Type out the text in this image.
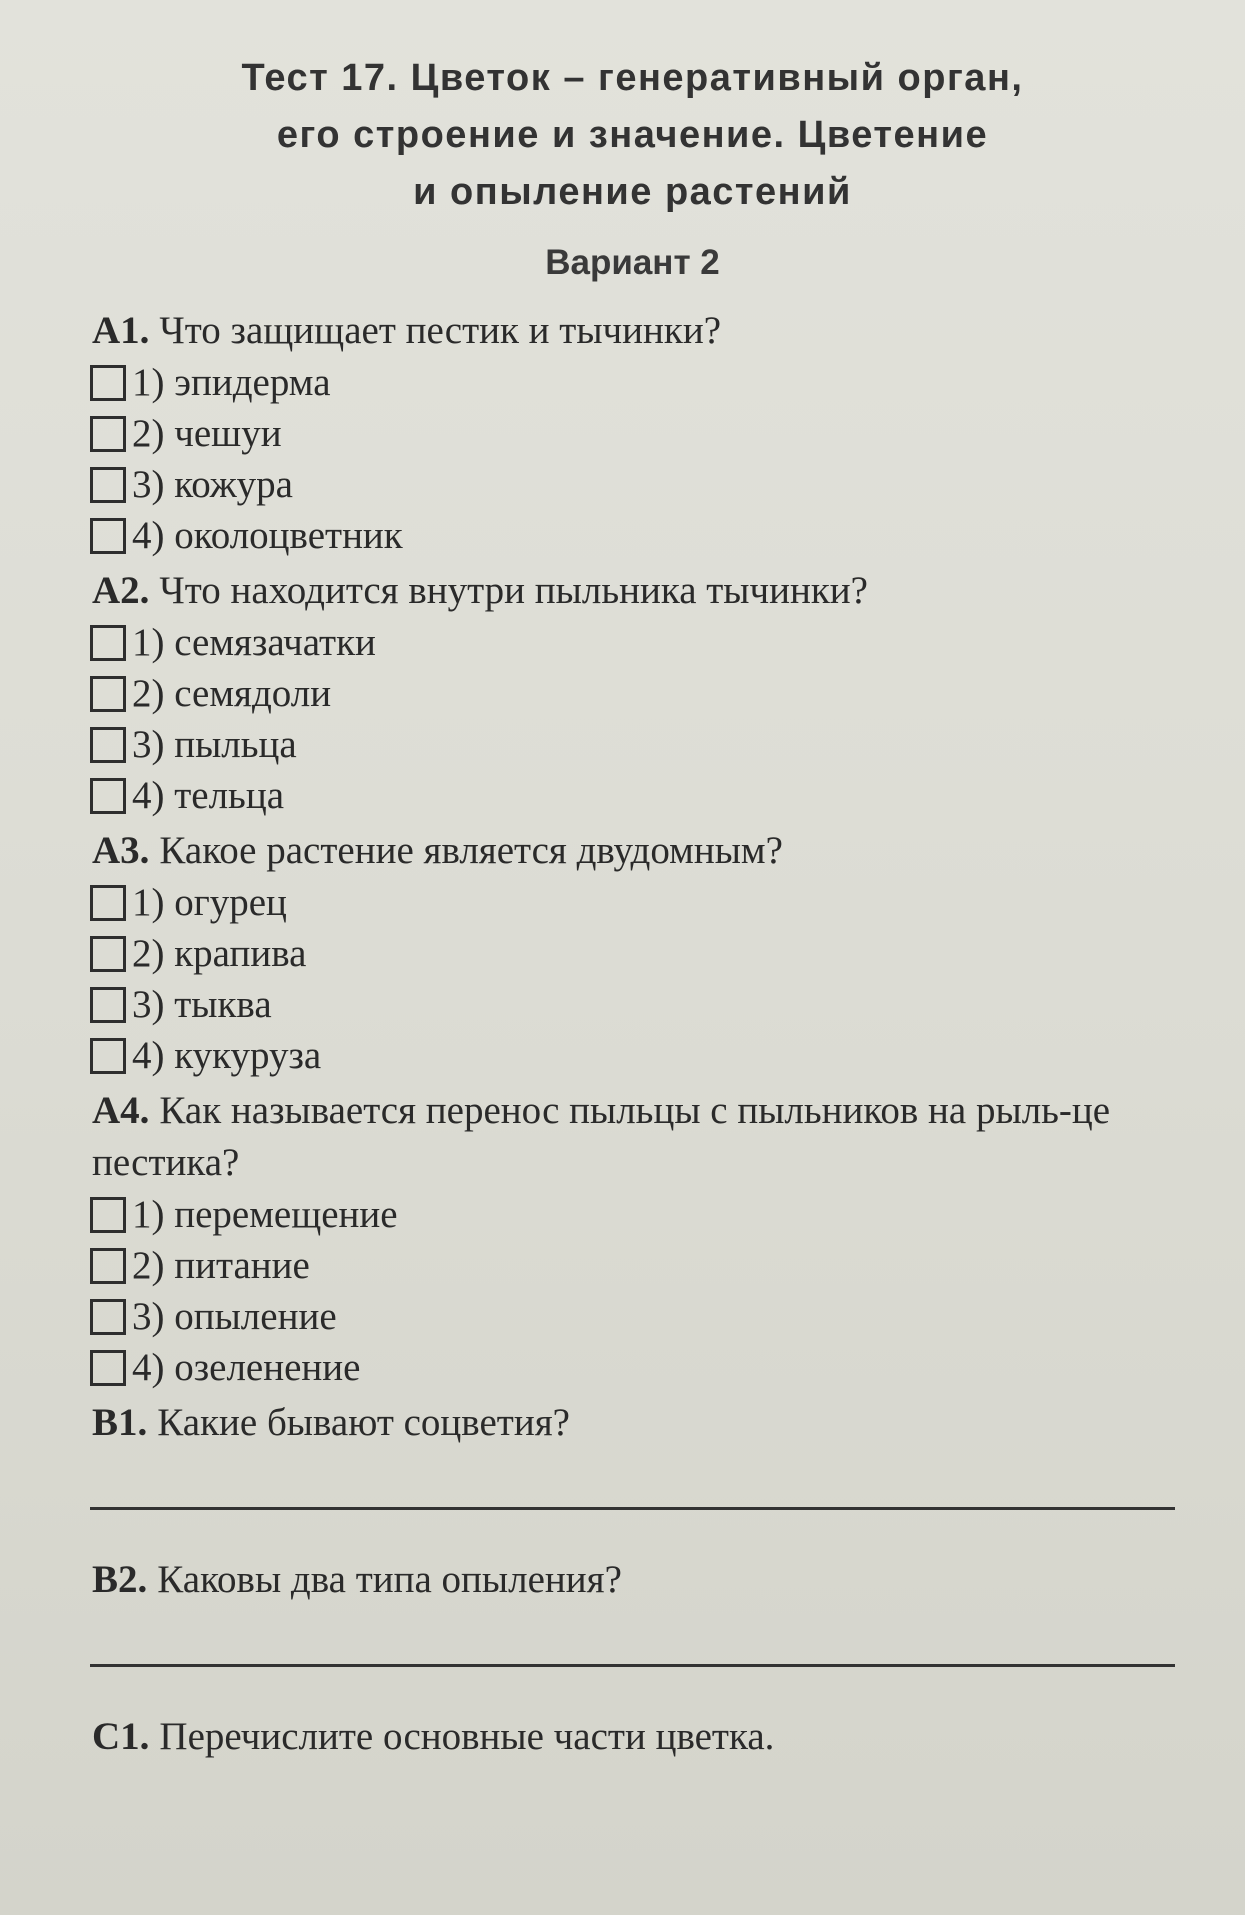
Тест 17. Цветок – генеративный орган,
его строение и значение. Цветение
и опыление растений
Вариант 2

A1. Что защищает пестик и тычинки?

1) эпидерма
2) чешуи
3) кожура
4) околоцветник

A2. Что находится внутри пыльника тычинки?

1) семязачатки
2) семядоли
3) пыльца
4) тельца

A3. Какое растение является двудомным?

1) огурец
2) крапива
3) тыква
4) кукуруза

A4. Как называется перенос пыльцы с пыльников на рыль-це пестика?

1) перемещение
2) питание
3) опыление
4) озеленение

B1. Какие бывают соцветия?

B2. Каковы два типа опыления?

C1. Перечислите основные части цветка.
